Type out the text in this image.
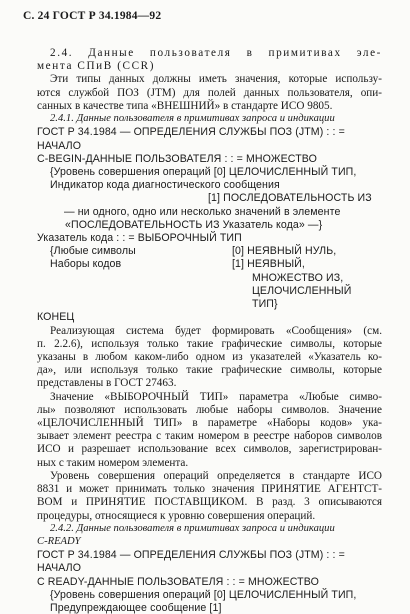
С. 24 ГОСТ Р 34.1984—92
2.4. Данные пользователя в примитивах эле-
мента СПиВ (CCR)
Эти типы данных должны иметь значения, которые использу-
ются службой ПОЗ (JTM) для полей данных пользователя, опи-
санных в качестве типа «ВНЕШНИЙ» в стандарте ИСО 9805.
2.4.1. Данные пользователя в примитивах запроса и индикации
ГОСТ Р 34.1984 — ОПРЕДЕЛЕНИЯ СЛУЖБЫ ПОЗ (JTM) : : =
НАЧАЛО
C-BEGIN-ДАННЫЕ ПОЛЬЗОВАТЕЛЯ : : = МНОЖЕСТВО
{Уровень совершения операций [0] ЦЕЛОЧИСЛЕННЫЙ ТИП,
Индикатор кода диагностического сообщения
[1] ПОСЛЕДОВАТЕЛЬНОСТЬ ИЗ
— ни одного, одно или несколько значений в элементе
«ПОСЛЕДОВАТЕЛЬНОСТЬ ИЗ Указатель кода» —}
Указатель кода : : = ВЫБОРОЧНЫЙ ТИП
{Любые символы	[0] НЕЯВНЫЙ НУЛЬ,
Наборы кодов	[1] НЕЯВНЫЙ,
МНОЖЕСТВО ИЗ,
ЦЕЛОЧИСЛЕННЫЙ
ТИП}
КОНЕЦ
Реализующая система будет формировать «Сообщения» (см.
п. 2.2.6), используя только такие графические символы, которые
указаны в любом каком-либо одном из указателей «Указатель ко-
да», или используя только такие графические символы, которые
представлены в ГОСТ 27463.
Значение «ВЫБОРОЧНЫЙ ТИП» параметра «Любые симво-
лы» позволяют использовать любые наборы символов. Значение
«ЦЕЛОЧИСЛЕННЫЙ ТИП» в параметре «Наборы кодов» ука-
зывает элемент реестра с таким номером в реестре наборов символов
ИСО и разрешает использование всех символов, зарегистрирован-
ных с таким номером элемента.
Уровень совершения операций определяется в стандарте ИСО
8831 и может принимать только значения ПРИНЯТИЕ АГЕНТСТ-
ВОМ и ПРИНЯТИЕ ПОСТАВЩИКОМ. В разд. 3 описываются
процедуры, относящиеся к уровню совершения операций.
2.4.2. Данные пользователя в примитивах запроса и индикации
C-READY
ГОСТ Р 34.1984 — ОПРЕДЕЛЕНИЯ СЛУЖБЫ ПОЗ (JTM) : : =
НАЧАЛО
C READY-ДАННЫЕ ПОЛЬЗОВАТЕЛЯ : : = МНОЖЕСТВО
{Уровень совершения операций [0] ЦЕЛОЧИСЛЕННЫЙ ТИП,
Предупреждающее сообщение [1]
